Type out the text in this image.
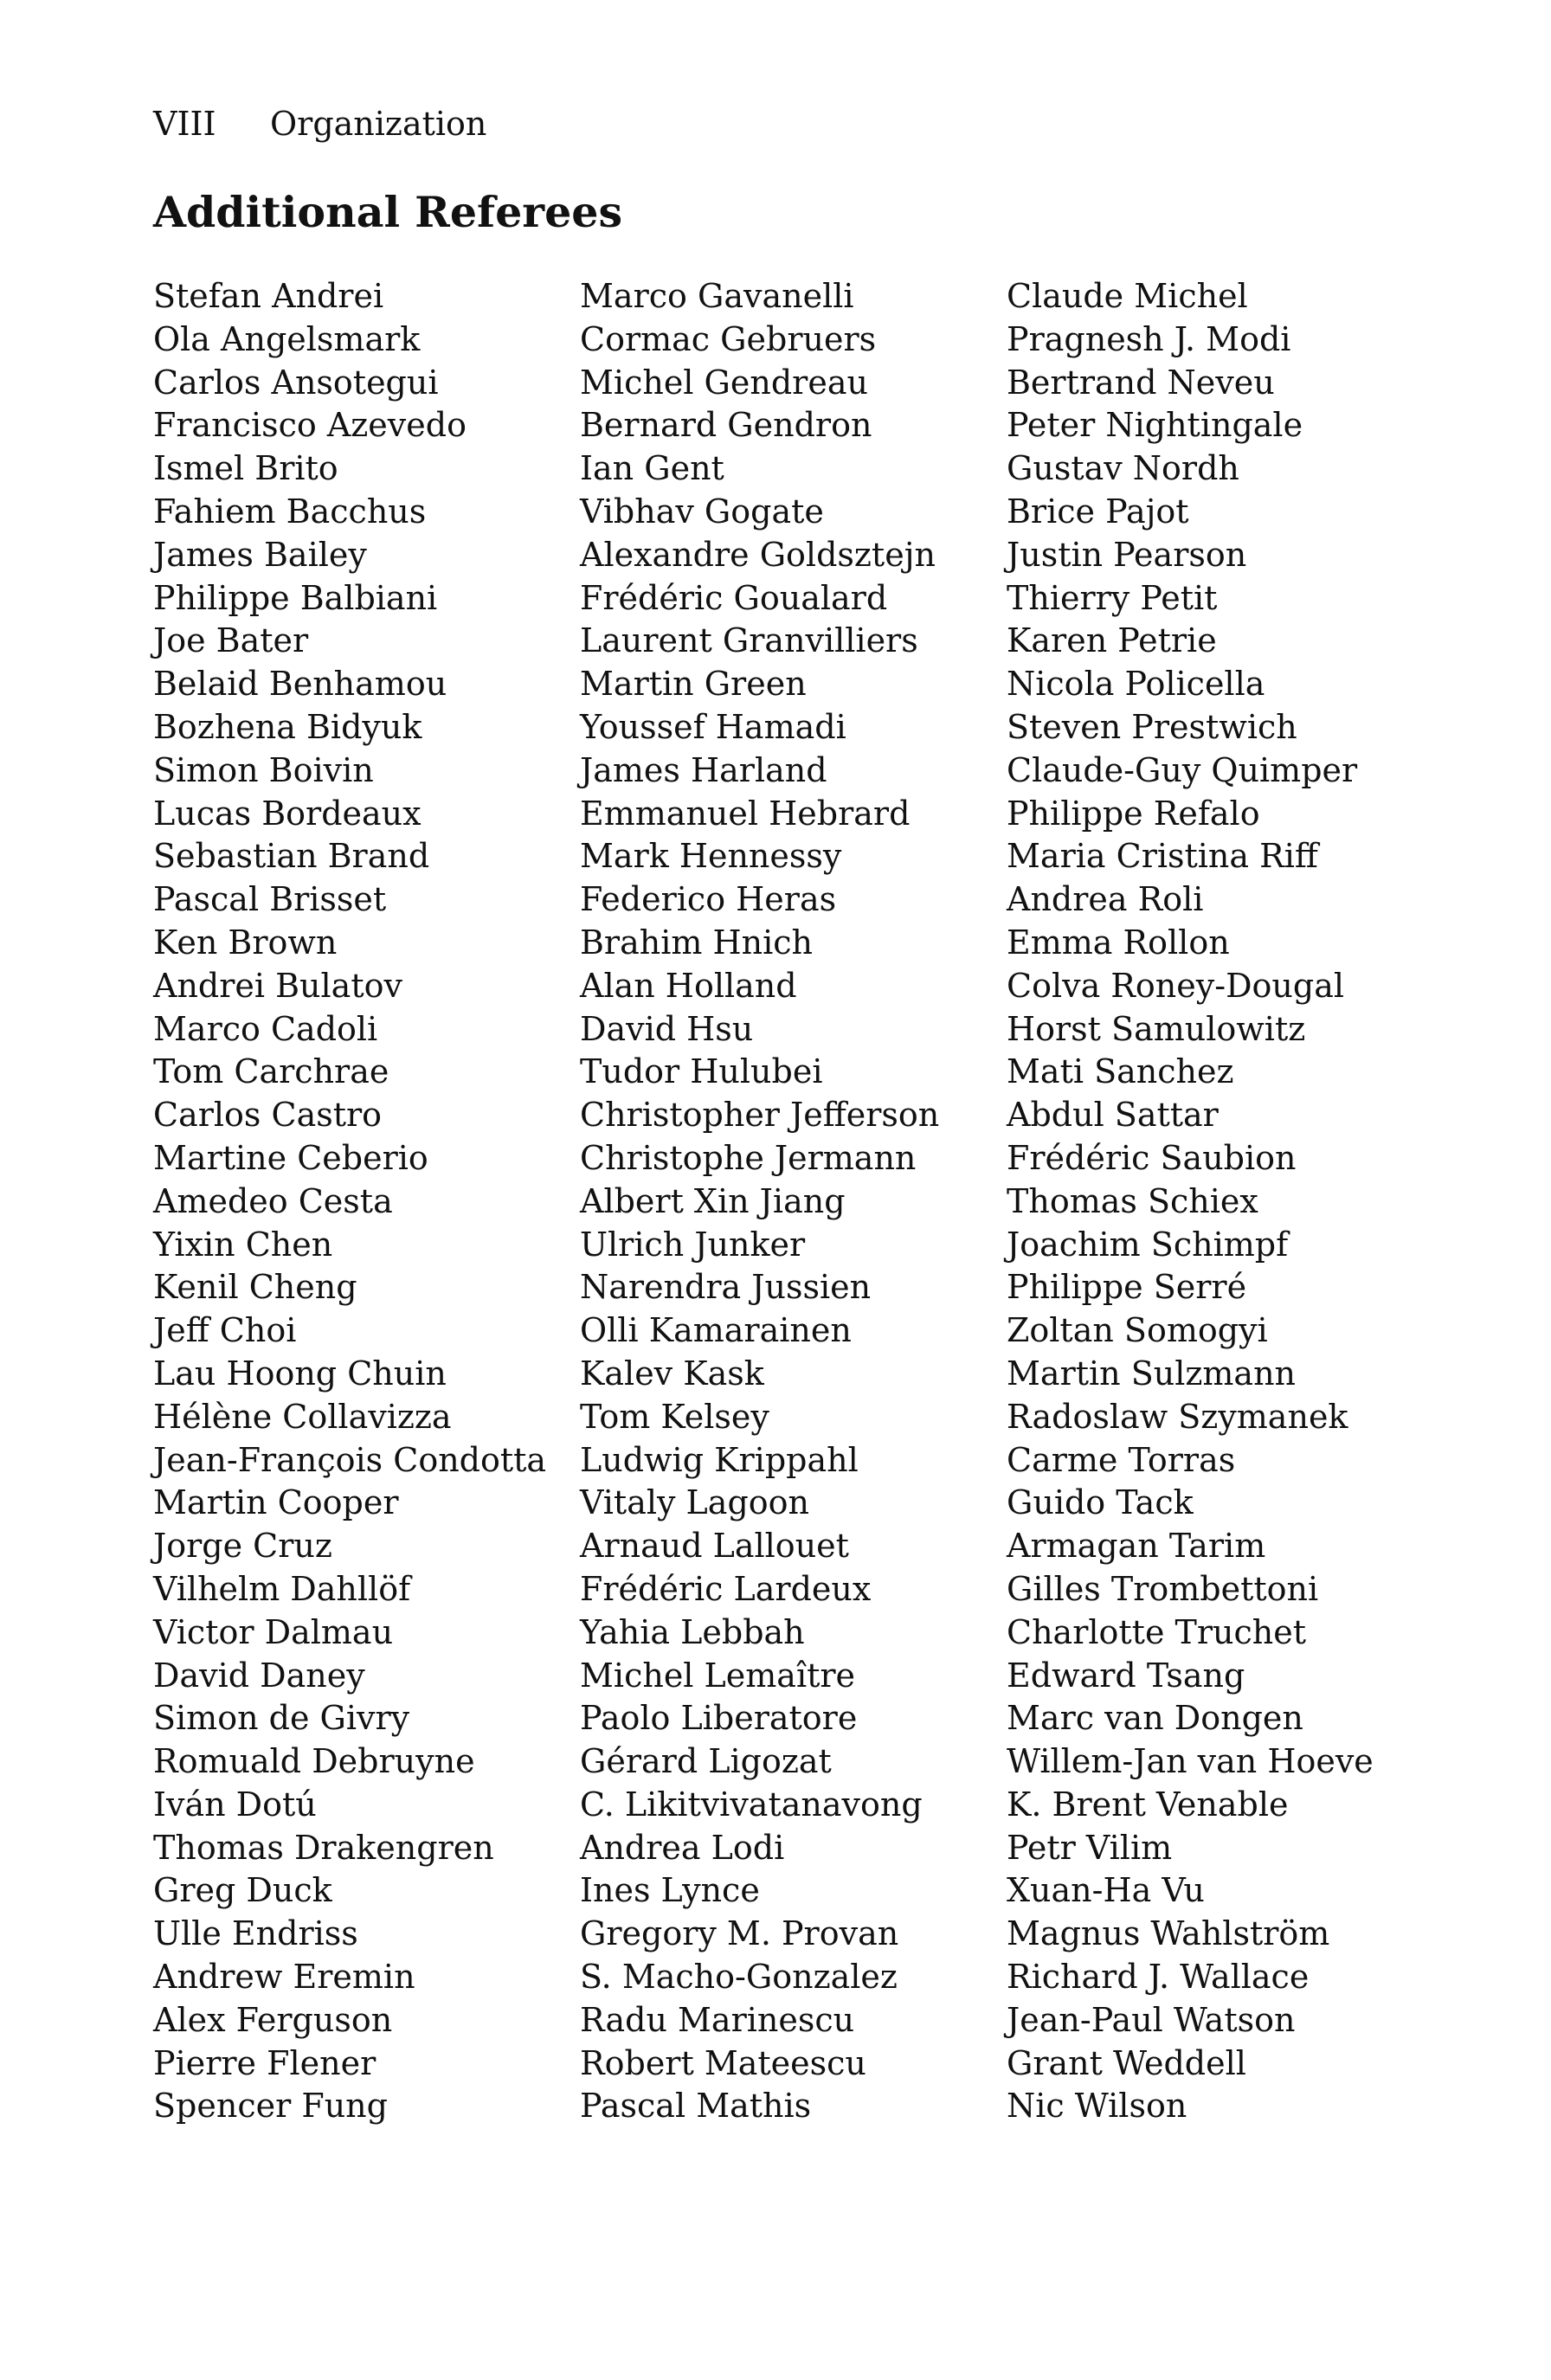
VIII Organization
Additional Referees
Stefan Andrei
Ola Angelsmark
Carlos Ansotegui
Francisco Azevedo
Ismel Brito
Fahiem Bacchus
James Bailey
Philippe Balbiani
Joe Bater
Belaid Benhamou
Bozhena Bidyuk
Simon Boivin
Lucas Bordeaux
Sebastian Brand
Pascal Brisset
Ken Brown
Andrei Bulatov
Marco Cadoli
Tom Carchrae
Carlos Castro
Martine Ceberio
Amedeo Cesta
Yixin Chen
Kenil Cheng
Jeff Choi
Lau Hoong Chuin
Hélène Collavizza
Jean-François Condotta
Martin Cooper
Jorge Cruz
Vilhelm Dahllöf
Victor Dalmau
David Daney
Simon de Givry
Romuald Debruyne
Iván Dotú
Thomas Drakengren
Greg Duck
Ulle Endriss
Andrew Eremin
Alex Ferguson
Pierre Flener
Spencer Fung
Marco Gavanelli
Cormac Gebruers
Michel Gendreau
Bernard Gendron
Ian Gent
Vibhav Gogate
Alexandre Goldsztejn
Frédéric Goualard
Laurent Granvilliers
Martin Green
Youssef Hamadi
James Harland
Emmanuel Hebrard
Mark Hennessy
Federico Heras
Brahim Hnich
Alan Holland
David Hsu
Tudor Hulubei
Christopher Jefferson
Christophe Jermann
Albert Xin Jiang
Ulrich Junker
Narendra Jussien
Olli Kamarainen
Kalev Kask
Tom Kelsey
Ludwig Krippahl
Vitaly Lagoon
Arnaud Lallouet
Frédéric Lardeux
Yahia Lebbah
Michel Lemaître
Paolo Liberatore
Gérard Ligozat
C. Likitvivatanavong
Andrea Lodi
Ines Lynce
Gregory M. Provan
S. Macho-Gonzalez
Radu Marinescu
Robert Mateescu
Pascal Mathis
Claude Michel
Pragnesh J. Modi
Bertrand Neveu
Peter Nightingale
Gustav Nordh
Brice Pajot
Justin Pearson
Thierry Petit
Karen Petrie
Nicola Policella
Steven Prestwich
Claude-Guy Quimper
Philippe Refalo
Maria Cristina Riff
Andrea Roli
Emma Rollon
Colva Roney-Dougal
Horst Samulowitz
Mati Sanchez
Abdul Sattar
Frédéric Saubion
Thomas Schiex
Joachim Schimpf
Philippe Serré
Zoltan Somogyi
Martin Sulzmann
Radoslaw Szymanek
Carme Torras
Guido Tack
Armagan Tarim
Gilles Trombettoni
Charlotte Truchet
Edward Tsang
Marc van Dongen
Willem-Jan van Hoeve
K. Brent Venable
Petr Vilim
Xuan-Ha Vu
Magnus Wahlström
Richard J. Wallace
Jean-Paul Watson
Grant Weddell
Nic Wilson
